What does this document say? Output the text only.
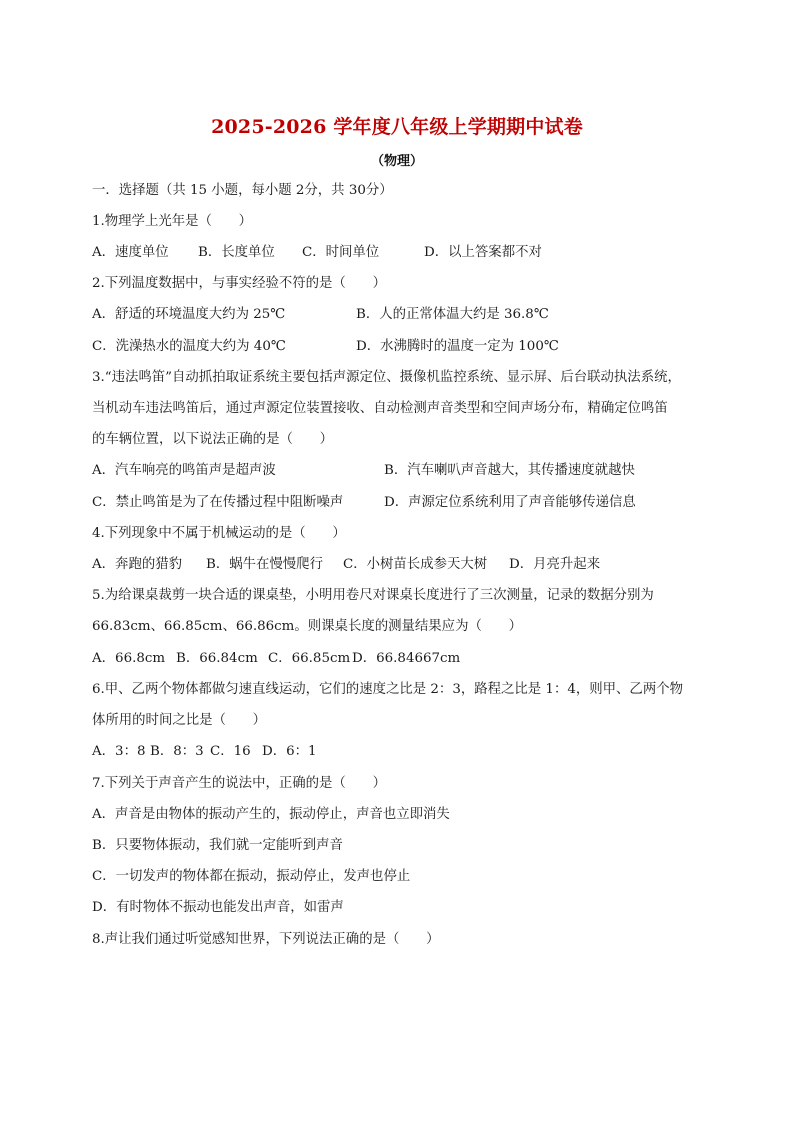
2025-2026 学年度八年级上学期期中试卷
（物理）
一．选择题（共 15 小题，每小题 2分，共 30分）
1.物理学上光年是（　　）
A．速度单位 B．长度单位 C．时间单位	D．以上答案都不对
2.下列温度数据中，与事实经验不符的是（　　）
A．舒适的环境温度大约为 25℃	B．人的正常体温大约是 36.8℃
C．洗澡热水的温度大约为 40℃	D．水沸腾时的温度一定为 100℃
3.“违法鸣笛”自动抓拍取证系统主要包括声源定位、摄像机监控系统、显示屏、后台联动执法系统，
当机动车违法鸣笛后，通过声源定位装置接收、自动检测声音类型和空间声场分布，精确定位鸣笛
的车辆位置，以下说法正确的是（　　）
A．汽车响亮的鸣笛声是超声波	B．汽车喇叭声音越大，其传播速度就越快
C．禁止鸣笛是为了在传播过程中阻断噪声	D．声源定位系统利用了声音能够传递信息
4.下列现象中不属于机械运动的是（　　）
A．奔跑的猎豹 B．蜗牛在慢慢爬行 C．小树苗长成参天大树 D．月亮升起来
5.为给课桌裁剪一块合适的课桌垫，小明用卷尺对课桌长度进行了三次测量，记录的数据分别为
66.83cm、66.85cm、66.86cm。则课桌长度的测量结果应为（　　）
A．66.8cm B．66.84cm C．66.85cm D．66.84667cm
6.甲、乙两个物体都做匀速直线运动，它们的速度之比是 2：3，路程之比是 1：4，则甲、乙两个物
体所用的时间之比是（　　）
A．3：8 B．8：3 C．16 D．6：1
7.下列关于声音产生的说法中，正确的是（　　）
A．声音是由物体的振动产生的，振动停止，声音也立即消失
B．只要物体振动，我们就一定能听到声音
C．一切发声的物体都在振动，振动停止，发声也停止
D．有时物体不振动也能发出声音，如雷声
8.声让我们通过听觉感知世界，下列说法正确的是（　　）
